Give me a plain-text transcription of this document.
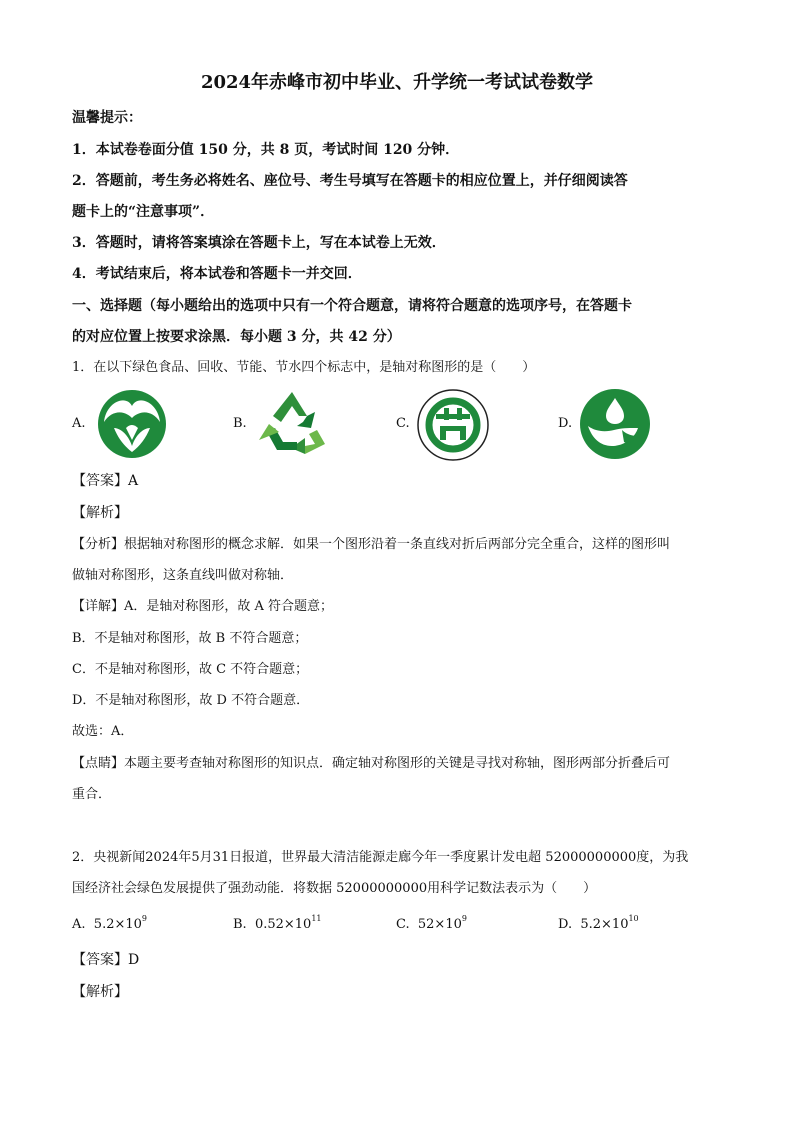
2024年赤峰市初中毕业、升学统一考试试卷数学
温馨提示：
1．本试卷卷面分值 150 分，共 8 页，考试时间 120 分钟．
2．答题前，考生务必将姓名、座位号、考生号填写在答题卡的相应位置上，并仔细阅读答
题卡上的“注意事项”．
3．答题时，请将答案填涂在答题卡上，写在本试卷上无效．
4．考试结束后，将本试卷和答题卡一并交回．
一、选择题（每小题给出的选项中只有一个符合题意，请将符合题意的选项序号，在答题卡
的对应位置上按要求涂黑．每小题 3 分，共 42 分）
1．在以下绿色食品、回收、节能、节水四个标志中，是轴对称图形的是（　　）
A.	B.	C.	D.
【答案】A
【解析】
【分析】根据轴对称图形的概念求解．如果一个图形沿着一条直线对折后两部分完全重合，这样的图形叫
做轴对称图形，这条直线叫做对称轴．
【详解】A．是轴对称图形，故 A 符合题意；
B．不是轴对称图形，故 B 不符合题意；
C．不是轴对称图形，故 C 不符合题意；
D．不是轴对称图形，故 D 不符合题意．
故选：A．
【点睛】本题主要考查轴对称图形的知识点．确定轴对称图形的关键是寻找对称轴，图形两部分折叠后可
重合．
2．央视新闻2024年5月31日报道，世界最大清洁能源走廊今年一季度累计发电超 52000000000度，为我
国经济社会绿色发展提供了强劲动能．将数据 52000000000用科学记数法表示为（　　）
A. $5.2\times 10^9$	B. $0.52\times 10^{11}$	C. $52\times 10^9$	D. $5.2\times 10^{10}$
【答案】D
【解析】
